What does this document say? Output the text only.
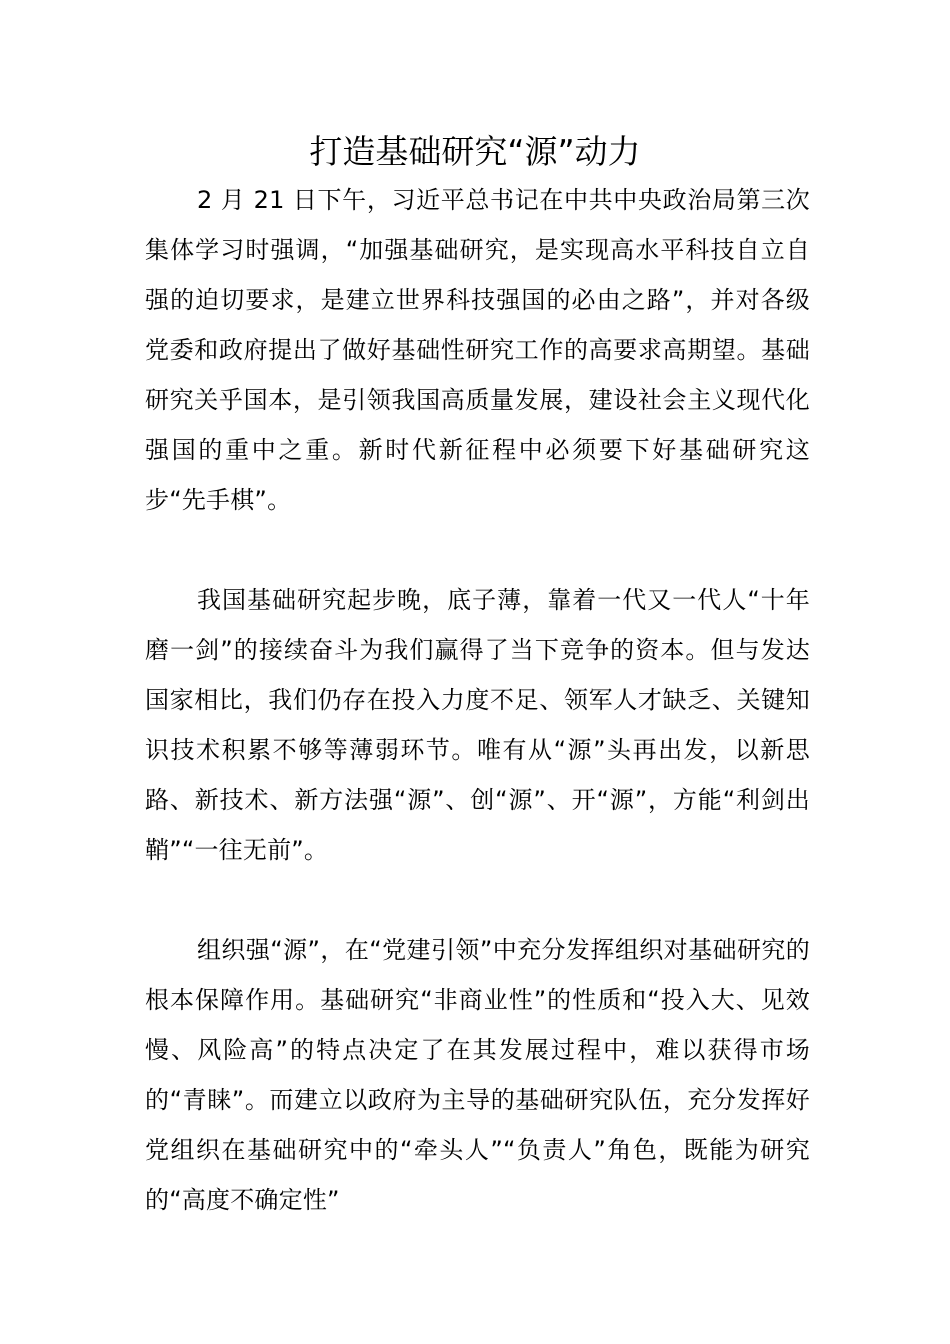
打造基础研究“源”动力

2 月 21 日下午，习近平总书记在中共中央政治局第三次集体学习时强调，“加强基础研究，是实现高水平科技自立自强的迫切要求，是建立世界科技强国的必由之路”，并对各级党委和政府提出了做好基础性研究工作的高要求高期望。基础研究关乎国本，是引领我国高质量发展，建设社会主义现代化强国的重中之重。新时代新征程中必须要下好基础研究这步“先手棋”。

我国基础研究起步晚，底子薄，靠着一代又一代人“十年磨一剑”的接续奋斗为我们赢得了当下竞争的资本。但与发达国家相比，我们仍存在投入力度不足、领军人才缺乏、关键知识技术积累不够等薄弱环节。唯有从“源”头再出发，以新思路、新技术、新方法强“源”、创“源”、开“源”，方能“利剑出鞘”“一往无前”。

组织强“源”，在“党建引领”中充分发挥组织对基础研究的根本保障作用。基础研究“非商业性”的性质和“投入大、见效慢、风险高”的特点决定了在其发展过程中，难以获得市场的“青睐”。而建立以政府为主导的基础研究队伍，充分发挥好党组织在基础研究中的“牵头人”“负责人”角色，既能为研究的“高度不确定性”
